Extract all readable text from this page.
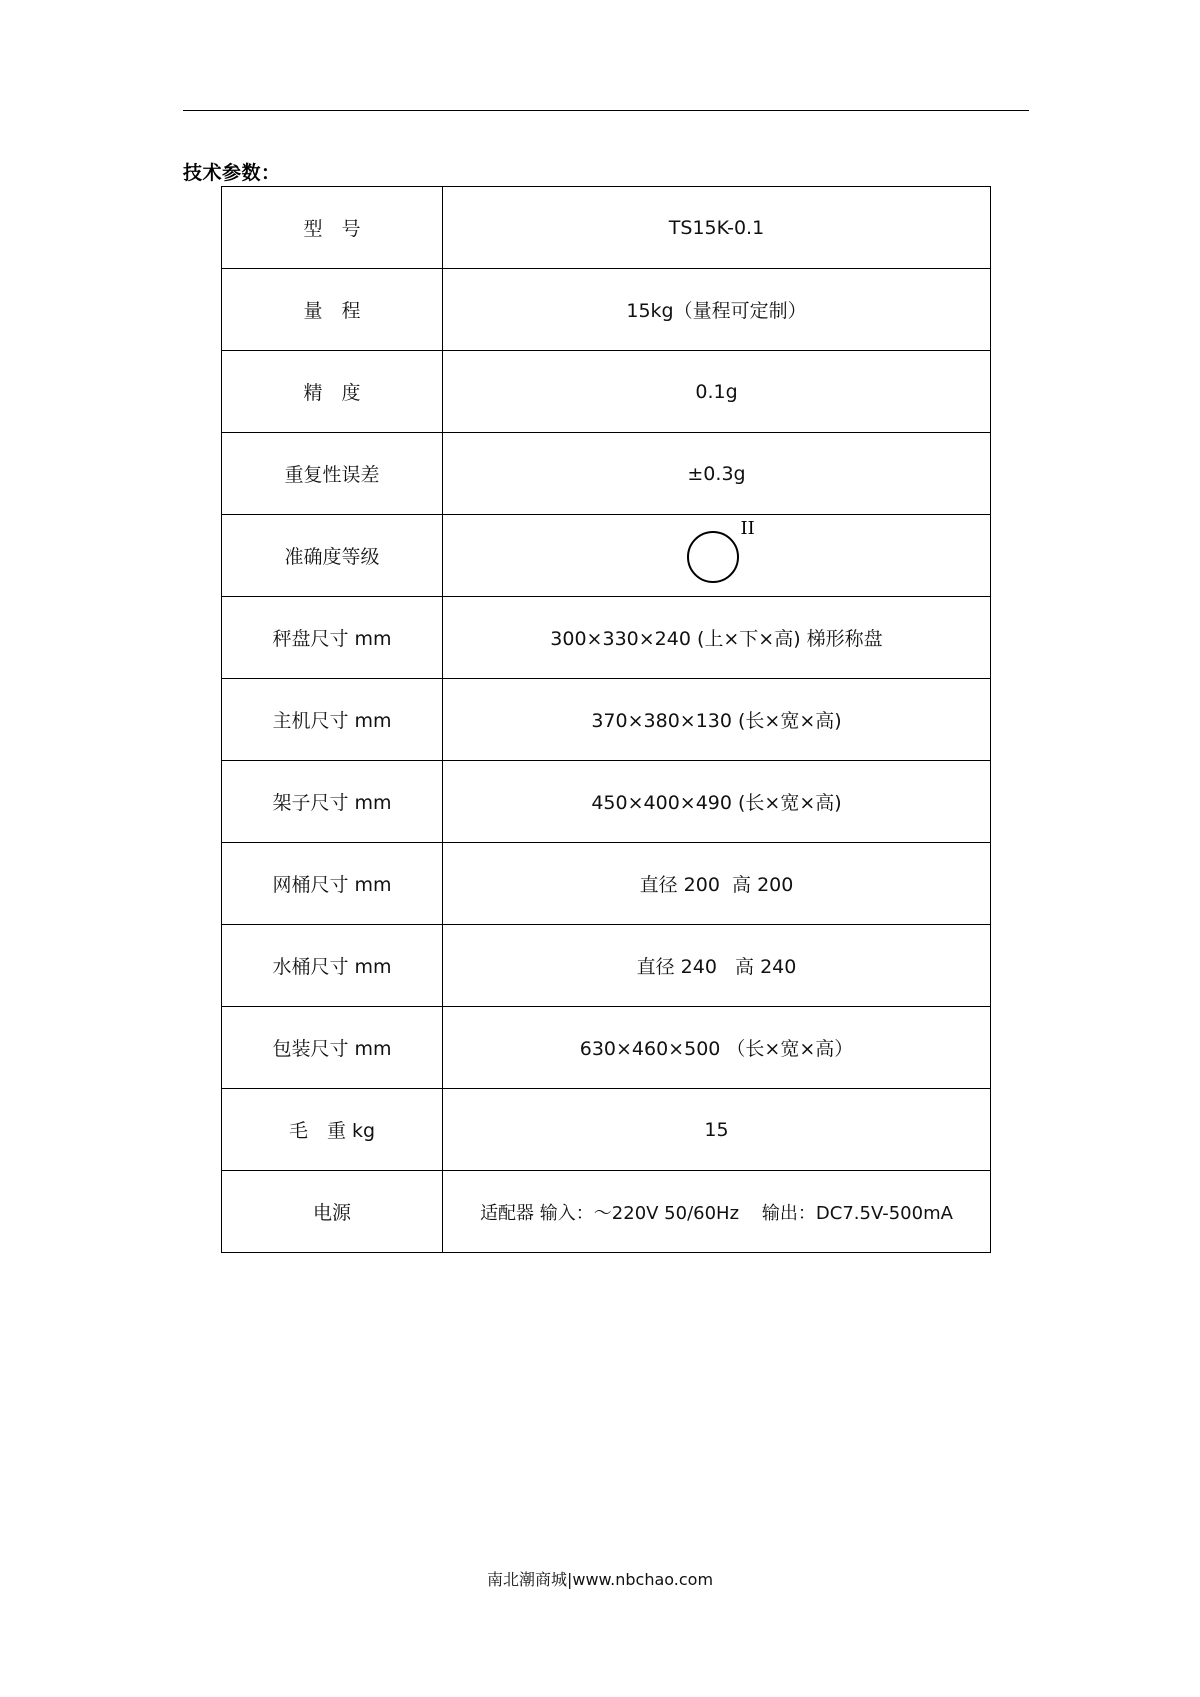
技术参数：
型　号	TS15K-0.1
量　程	15kg（量程可定制）
精　度	0.1g
重复性误差	±0.3g
准确度等级	II

秤盘尺寸 mm	300×330×240 (上×下×高) 梯形称盘
主机尺寸 mm	370×380×130 (长×宽×高)
架子尺寸 mm	450×400×490 (长×宽×高)
网桶尺寸 mm	直径 200  高 200
水桶尺寸 mm	直径 240   高 240
包装尺寸 mm	630×460×500 （长×宽×高）
毛　重 kg	15
电源	适配器 输入：～220V 50/60Hz    输出：DC7.5V-500mA
南北潮商城|www.nbchao.com
